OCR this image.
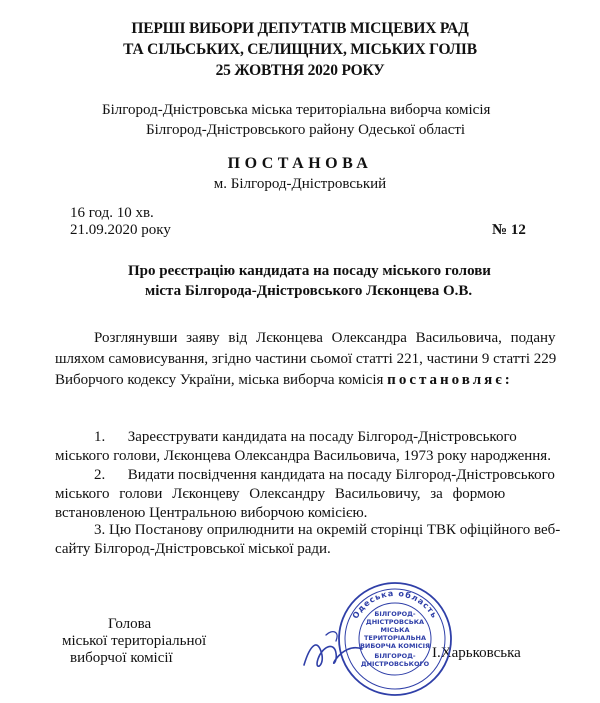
ПЕРШІ ВИБОРИ ДЕПУТАТІВ МІСЦЕВИХ РАД
ТА СІЛЬСЬКИХ, СЕЛИЩНИХ, МІСЬКИХ ГОЛІВ
25 ЖОВТНЯ 2020 РОКУ
Білгород-Дністровська міська територіальна виборча комісія
Білгород-Дністровського району Одеської області
ПОСТАНОВА
м. Білгород-Дністровський
16 год. 10 хв.
21.09.2020 року	№ 12
Про реєстрацію кандидата на посаду міського голови
міста Білгорода-Дністровського Лєконцева О.В.
Розглянувши заяву від Лєконцева Олександра Васильовича, подану
шляхом самовисування, згідно частини сьомої статті 221, частини 9 статті 229
Виборчого кодексу України, міська виборча комісія постановляє:
1.      Зареєструвати кандидата на посаду Білгород-Дністровського
міського голови, Лєконцева Олександра Васильовича, 1973 року народження.
2.      Видати посвідчення кандидата на посаду Білгород-Дністровського
міського голови Лєконцеву Олександру Васильовичу, за формою
встановленою Центральною виборчою комісією.
3. Цю Постанову оприлюднити на окремій сторінці ТВК офіційного веб-
сайту Білгород-Дністровської міської ради.
Голова
міської територіальної
виборчої комісії	І.Харьковська
Одеська область
БІЛГОРОД-
ДНІСТРОВСЬКА
МІСЬКА
ТЕРИТОРІАЛЬНА
ВИБОРЧА КОМІСІЯ
БІЛГОРОД-
ДНІСТРОВСЬКОГО
